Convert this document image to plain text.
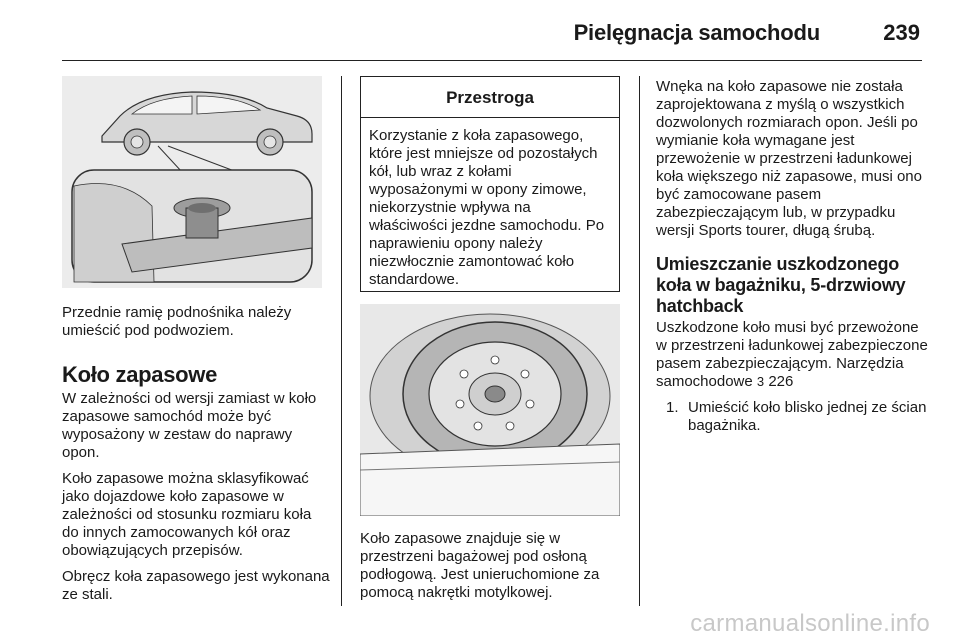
Pielęgnacja samochodu	239

Przednie ramię podnośnika należy umieścić pod podwoziem.

Koło zapasowe

W zależności od wersji zamiast w koło zapasowe samochód może być wyposażony w zestaw do naprawy opon.

Koło zapasowe można sklasyfikować jako dojazdowe koło zapasowe w zależności od stosunku rozmiaru koła do innych zamocowanych kół oraz obowiązujących przepisów.

Obręcz koła zapasowego jest wykonana ze stali.

Przestroga
Korzystanie z koła zapasowego, które jest mniejsze od pozostałych kół, lub wraz z kołami wyposażonymi w opony zimowe, niekorzystnie wpływa na właściwości jezdne samochodu. Po naprawieniu opony należy niezwłocznie zamontować koło standardowe.

Koło zapasowe znajduje się w przestrzeni bagażowej pod osłoną podłogową. Jest unieruchomione za pomocą nakrętki motylkowej.

Wnęka na koło zapasowe nie została zaprojektowana z myślą o wszystkich dozwolonych rozmiarach opon. Jeśli po wymianie koła wymagane jest przewożenie w przestrzeni ładunkowej koła większego niż zapasowe, musi ono być zamocowane pasem zabezpieczającym lub, w przypadku wersji Sports tourer, długą śrubą.

Umieszczanie uszkodzonego koła w bagażniku, 5-drzwiowy hatchback

Uszkodzone koło musi być przewożone w przestrzeni ładunkowej zabezpieczone pasem zabezpieczającym. Narzędzia samochodowe 3 226

1. Umieścić koło blisko jednej ze ścian bagażnika.
carmanualsonline.info
